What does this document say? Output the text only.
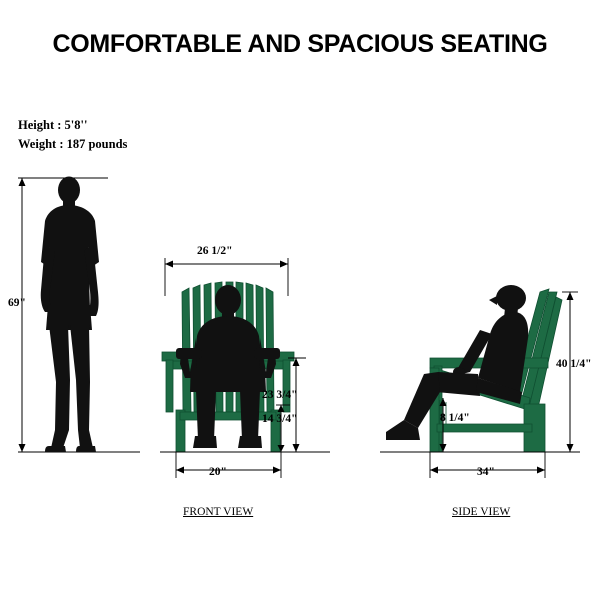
COMFORTABLE AND SPACIOUS SEATING
Height : 5'8''
Weight : 187 pounds
69"
26 1/2"
23 3/4"
14 3/4"
20"
40 1/4"
8 1/4"
34"
FRONT VIEW	SIDE VIEW
